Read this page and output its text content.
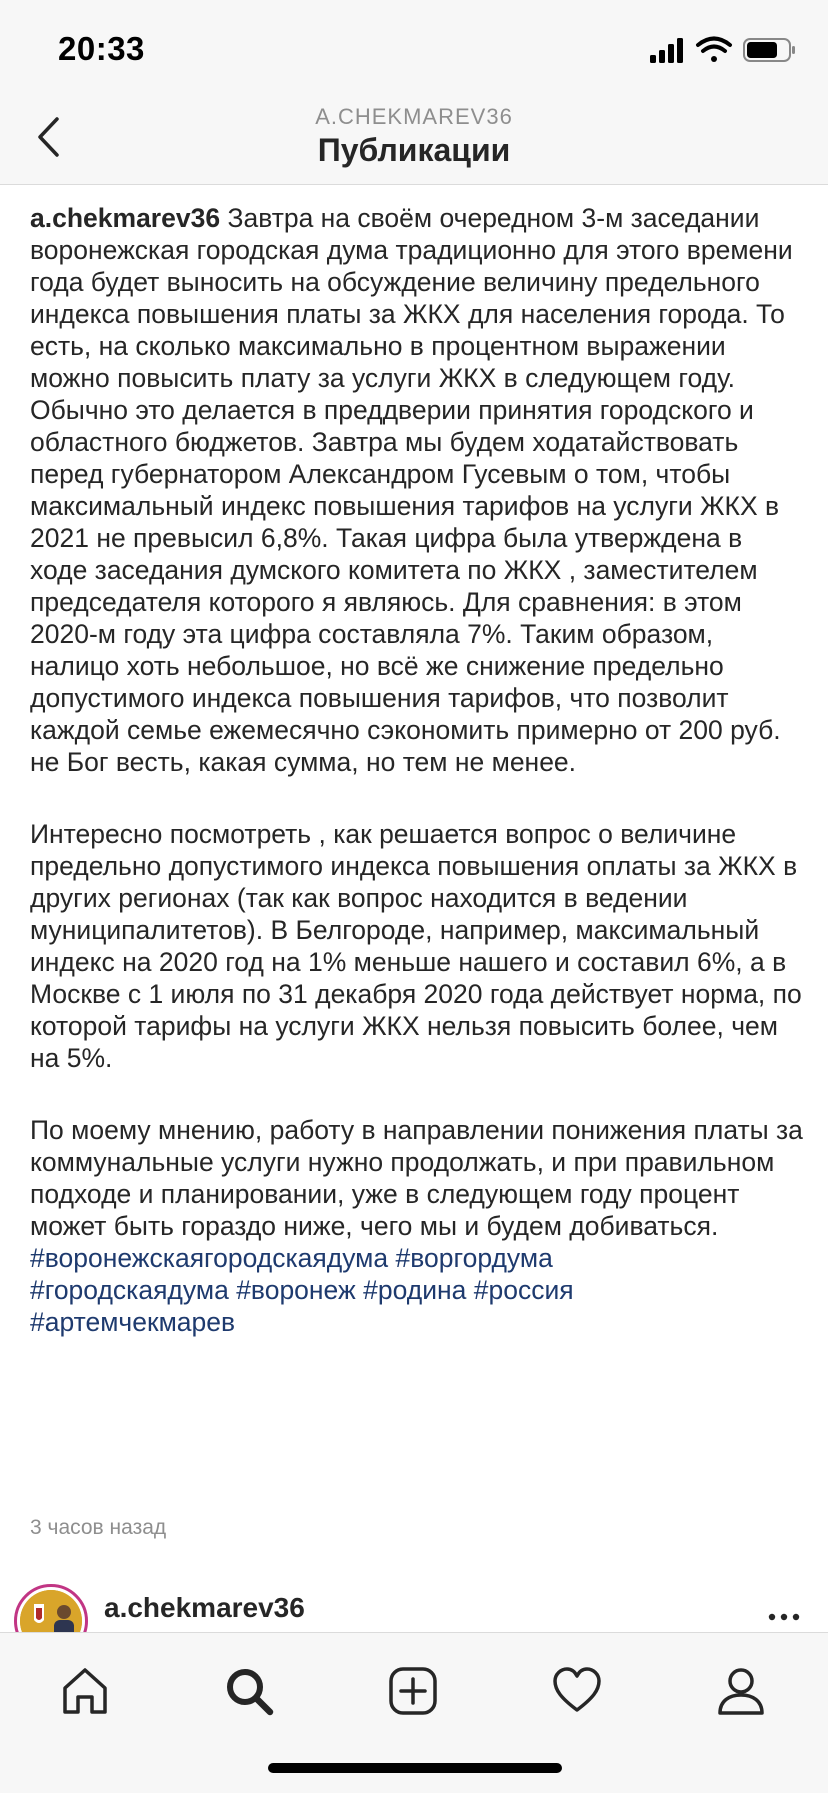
20:33
A.CHEKMAREV36
Публикации

a.chekmarev36 Завтра на своём очередном 3-м заседании воронежская городская дума традиционно для этого времени года будет выносить на обсуждение величину предельного индекса повышения платы за ЖКХ для населения города. То есть, на сколько максимально в процентном выражении можно повысить плату за услуги ЖКХ в следующем году. Обычно это делается в преддверии принятия городского и областного бюджетов. Завтра мы будем ходатайствовать перед губернатором Александром Гусевым о том, чтобы максимальный индекс повышения тарифов на услуги ЖКХ в 2021 не превысил 6,8%. Такая цифра была утверждена в ходе заседания думского комитета по ЖКХ , заместителем председателя которого я являюсь. Для сравнения: в этом 2020-м году эта цифра составляла 7%. Таким образом, налицо хоть небольшое, но всё же снижение предельно допустимого индекса повышения тарифов, что позволит каждой семье ежемесячно сэкономить примерно от 200 руб. не Бог весть, какая сумма, но тем не менее.

Интересно посмотреть , как решается вопрос о величине предельно допустимого индекса повышения оплаты за ЖКХ в других регионах (так как вопрос находится в ведении муниципалитетов). В Белгороде, например, максимальный индекс на 2020 год на 1% меньше нашего и составил 6%, а в Москве с 1 июля по 31 декабря 2020 года действует норма, по которой тарифы на услуги ЖКХ нельзя повысить более, чем на 5%.

По моему мнению, работу в направлении понижения платы за коммунальные услуги нужно продолжать, и при правильном подходе и планировании, уже в следующем году процент может быть гораздо ниже, чего мы и будем добиваться.

#воронежскаягородскаядума #воргордума
#городскаядума #воронеж #родина #россия
#артемчекмарев

3 часов назад
a.chekmarev36
